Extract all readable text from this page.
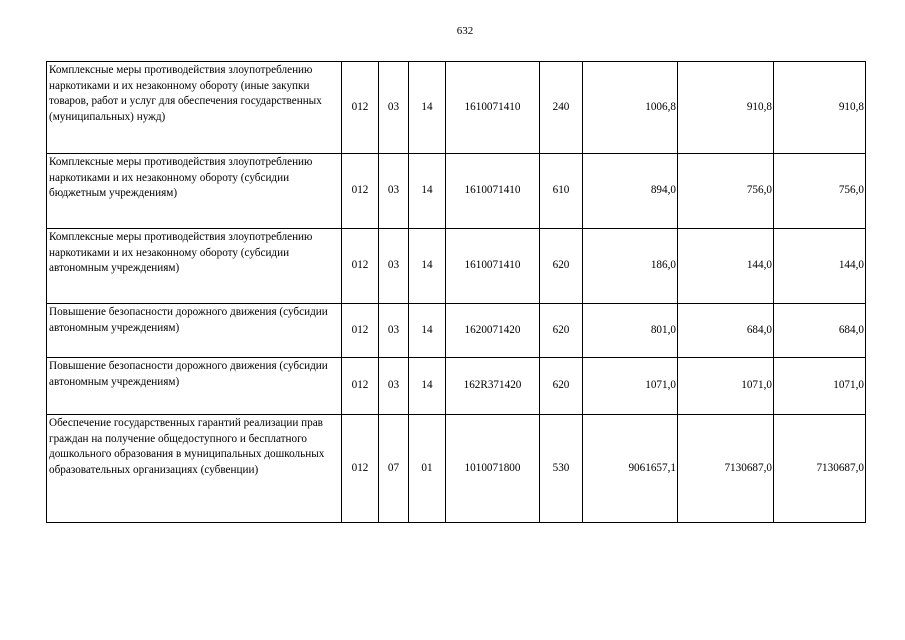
632
Комплексные меры противодействия злоупотреблению наркотиками и их незаконному обороту (иные закупки товаров, работ и услуг для обеспечения государственных (муниципальных) нужд)	012	03	14	1610071410	240	1006,8	910,8	910,8
Комплексные меры противодействия злоупотреблению наркотиками и их незаконному обороту (субсидии бюджетным учреждениям)	012	03	14	1610071410	610	894,0	756,0	756,0
Комплексные меры противодействия злоупотреблению наркотиками и их незаконному обороту (субсидии автономным учреждениям)	012	03	14	1610071410	620	186,0	144,0	144,0
Повышение безопасности дорожного движения (субсидии автономным учреждениям)	012	03	14	1620071420	620	801,0	684,0	684,0
Повышение безопасности дорожного движения (субсидии автономным учреждениям)	012	03	14	162R371420	620	1071,0	1071,0	1071,0
Обеспечение государственных гарантий реализации прав граждан на получение общедоступного и бесплатного дошкольного образования в муниципальных дошкольных образовательных организациях (субвенции)	012	07	01	1010071800	530	9061657,1	7130687,0	7130687,0
